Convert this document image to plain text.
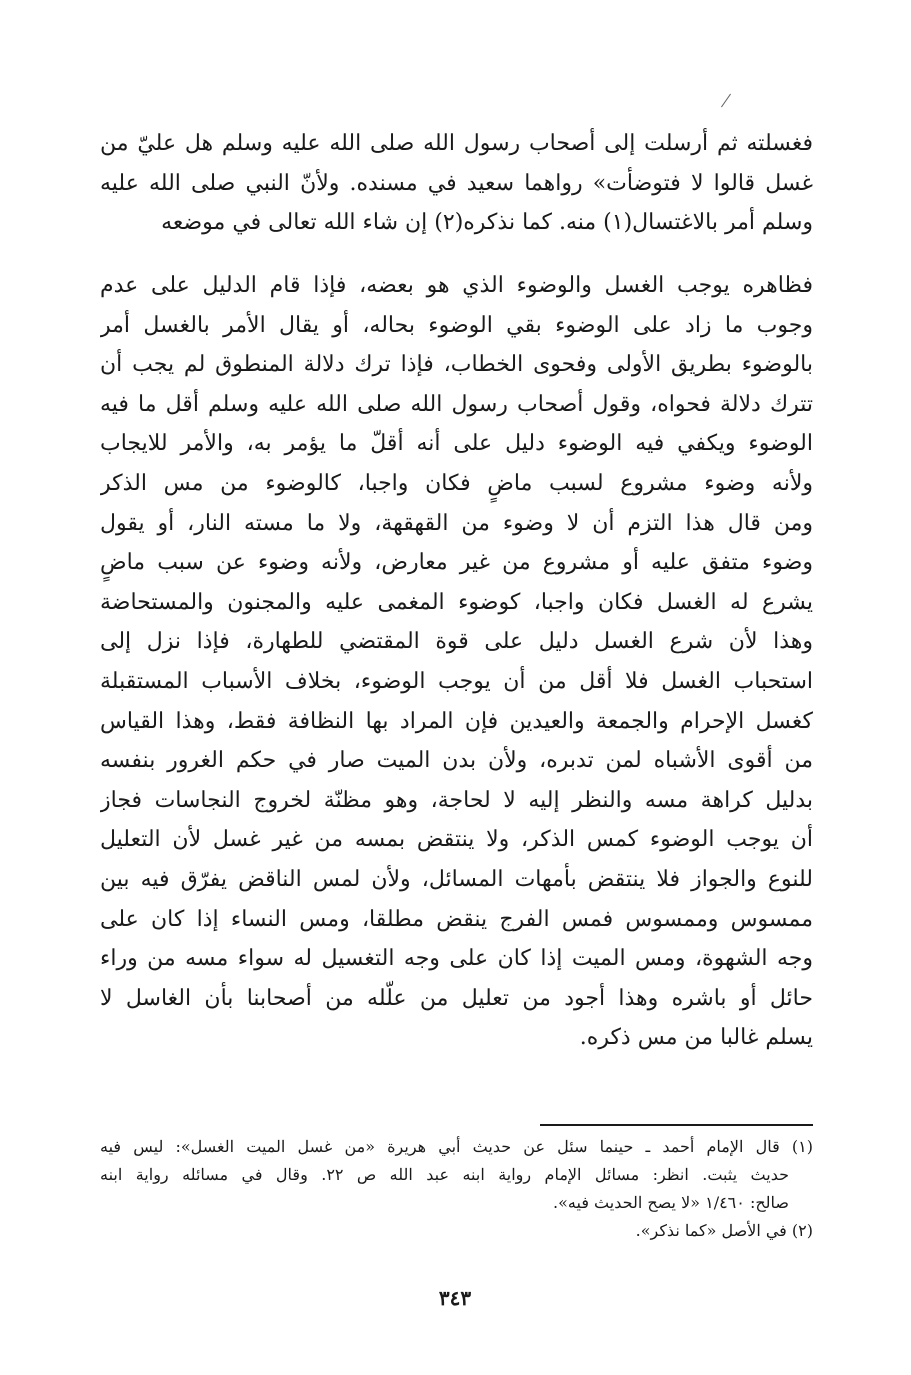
فغسلته ثم أرسلت إلى أصحاب رسول الله صلى الله عليه وسلم هل عليّ من
غسل قالوا لا فتوضأت» رواهما سعيد في مسنده. ولأنّ النبي صلى الله عليه
وسلم أمر بالاغتسال(١) منه. كما نذكره(٢) إن شاء الله تعالى في موضعه
فظاهره يوجب الغسل والوضوء الذي هو بعضه، فإذا قام الدليل على عدم
وجوب ما زاد على الوضوء بقي الوضوء بحاله، أو يقال الأمر بالغسل أمر
بالوضوء بطريق الأولى وفحوى الخطاب، فإذا ترك دلالة المنطوق لم يجب أن
تترك دلالة فحواه، وقول أصحاب رسول الله صلى الله عليه وسلم أقل ما فيه
الوضوء ويكفي فيه الوضوء دليل على أنه أقلّ ما يؤمر به، والأمر للايجاب
ولأنه وضوء مشروع لسبب ماضٍ فكان واجبا، كالوضوء من مس الذكر
ومن قال هذا التزم أن لا وضوء من القهقهة، ولا ما مسته النار، أو يقول
وضوء متفق عليه أو مشروع من غير معارض، ولأنه وضوء عن سبب ماضٍ
يشرع له الغسل فكان واجبا، كوضوء المغمى عليه والمجنون والمستحاضة
وهذا لأن شرع الغسل دليل على قوة المقتضي للطهارة، فإذا نزل إلى
استحباب الغسل فلا أقل من أن يوجب الوضوء، بخلاف الأسباب المستقبلة
كغسل الإحرام والجمعة والعيدين فإن المراد بها النظافة فقط، وهذا القياس
من أقوى الأشباه لمن تدبره، ولأن بدن الميت صار في حكم الغرور بنفسه
بدليل كراهة مسه والنظر إليه لا لحاجة، وهو مظنّة لخروج النجاسات فجاز
أن يوجب الوضوء كمس الذكر، ولا ينتقض بمسه من غير غسل لأن التعليل
للنوع والجواز فلا ينتقض بأمهات المسائل، ولأن لمس الناقض يفرّق فيه بين
ممسوس وممسوس فمس الفرج ينقض مطلقا، ومس النساء إذا كان على
وجه الشهوة، ومس الميت إذا كان على وجه التغسيل له سواء مسه من وراء
حائل أو باشره وهذا أجود من تعليل من علّله من أصحابنا بأن الغاسل لا
يسلم غالبا من مس ذكره.
(١) قال الإمام أحمد ـ حينما سئل عن حديث أبي هريرة «من غسل الميت الغسل»: ليس فيه
حديث يثبت. انظر: مسائل الإمام رواية ابنه عبد الله ص ٢٢. وقال في مسائله رواية ابنه
صالح: ١/٤٦٠ «لا يصح الحديث فيه».
(٢) في الأصل «كما نذكر».
٣٤٣
